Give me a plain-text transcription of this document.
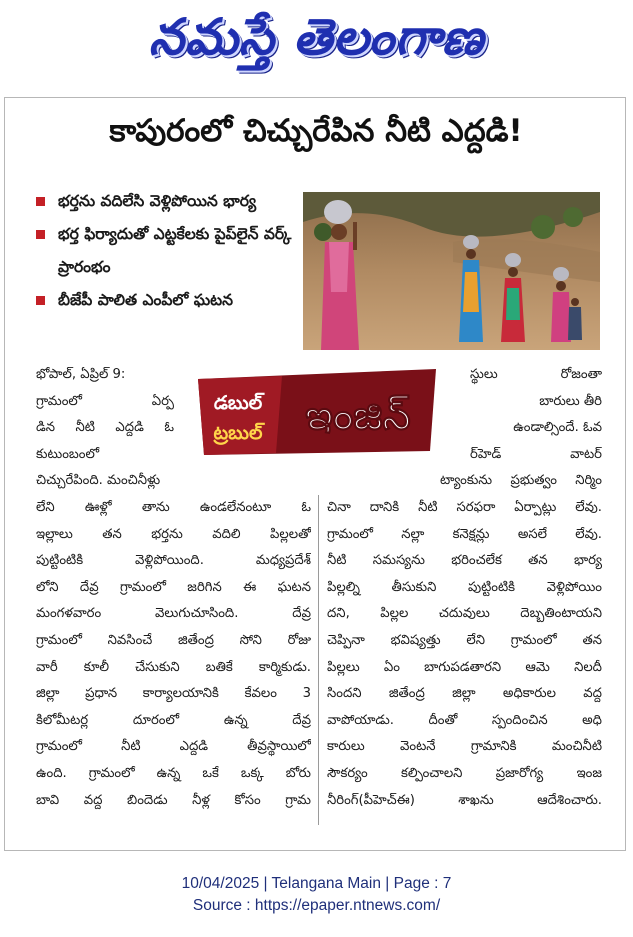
నమస్తే తెలంగాణ
కాపురంలో చిచ్చురేపిన నీటి ఎద్దడి!
భర్తను వదిలేసి వెళ్లిపోయిన భార్య
భర్త ఫిర్యాదుతో ఎట్టకేలకు పైప్‌లైన్ వర్క్ ప్రారంభం
బీజేపీ పాలిత ఎంపీలో ఘటన
భోపాల్, ఏప్రిల్ 9:
గ్రామంలో ఏర్ప
డిన నీటి ఎద్దడి ఓ
కుటుంబంలో
చిచ్చురేపింది. మంచినీళ్లు
డబుల్
ట్రబుల్ ఇంజిన్
స్థులు రోజంతా
బారులు తీరి
ఉండాల్సిందే. ఓవ
ర్‌హెడ్ వాటర్
ట్యాంకును ప్రభుత్వం నిర్మిం
లేని ఊళ్లో తాను ఉండలేనంటూ ఓ
ఇల్లాలు తన భర్తను వదిలి పిల్లలతో
పుట్టింటికి వెళ్లిపోయింది. మధ్యప్రదేశ్
లోని దేవ్ర గ్రామంలో జరిగిన ఈ ఘటన
మంగళవారం వెలుగుచూసింది. దేవ్ర
గ్రామంలో నివసించే జితేంద్ర సోని రోజు
వారీ కూలీ చేసుకుని బతికే కార్మికుడు.
జిల్లా ప్రధాన కార్యాలయానికి కేవలం 3
కిలోమీటర్ల దూరంలో ఉన్న దేవ్ర
గ్రామంలో నీటి ఎద్దడి తీవ్రస్థాయిలో
ఉంది. గ్రామంలో ఉన్న ఒకే ఒక్క బోరు
బావి వద్ద బిందెడు నీళ్ల కోసం గ్రామ
చినా దానికి నీటి సరఫరా ఏర్పాట్లు లేవు.
గ్రామంలో నల్లా కనెక్షన్లు అసలే లేవు.
నీటి సమస్యను భరించలేక తన భార్య
పిల్లల్ని తీసుకుని పుట్టింటికి వెళ్లిపోయిం
దని, పిల్లల చదువులు దెబ్బతింటాయని
చెప్పినా భవిష్యత్తు లేని గ్రామంలో తన
పిల్లలు ఏం బాగుపడతారని ఆమె నిలదీ
సిందని జితేంద్ర జిల్లా అధికారుల వద్ద
వాపోయాడు. దీంతో స్పందించిన అధి
కారులు వెంటనే గ్రామానికి మంచినీటి
సౌకర్యం కల్పించాలని ప్రజారోగ్య ఇంజ
నీరింగ్(పీహెచ్‌ఈ) శాఖను ఆదేశించారు.
10/04/2025 | Telangana Main | Page : 7
Source : https://epaper.ntnews.com/
